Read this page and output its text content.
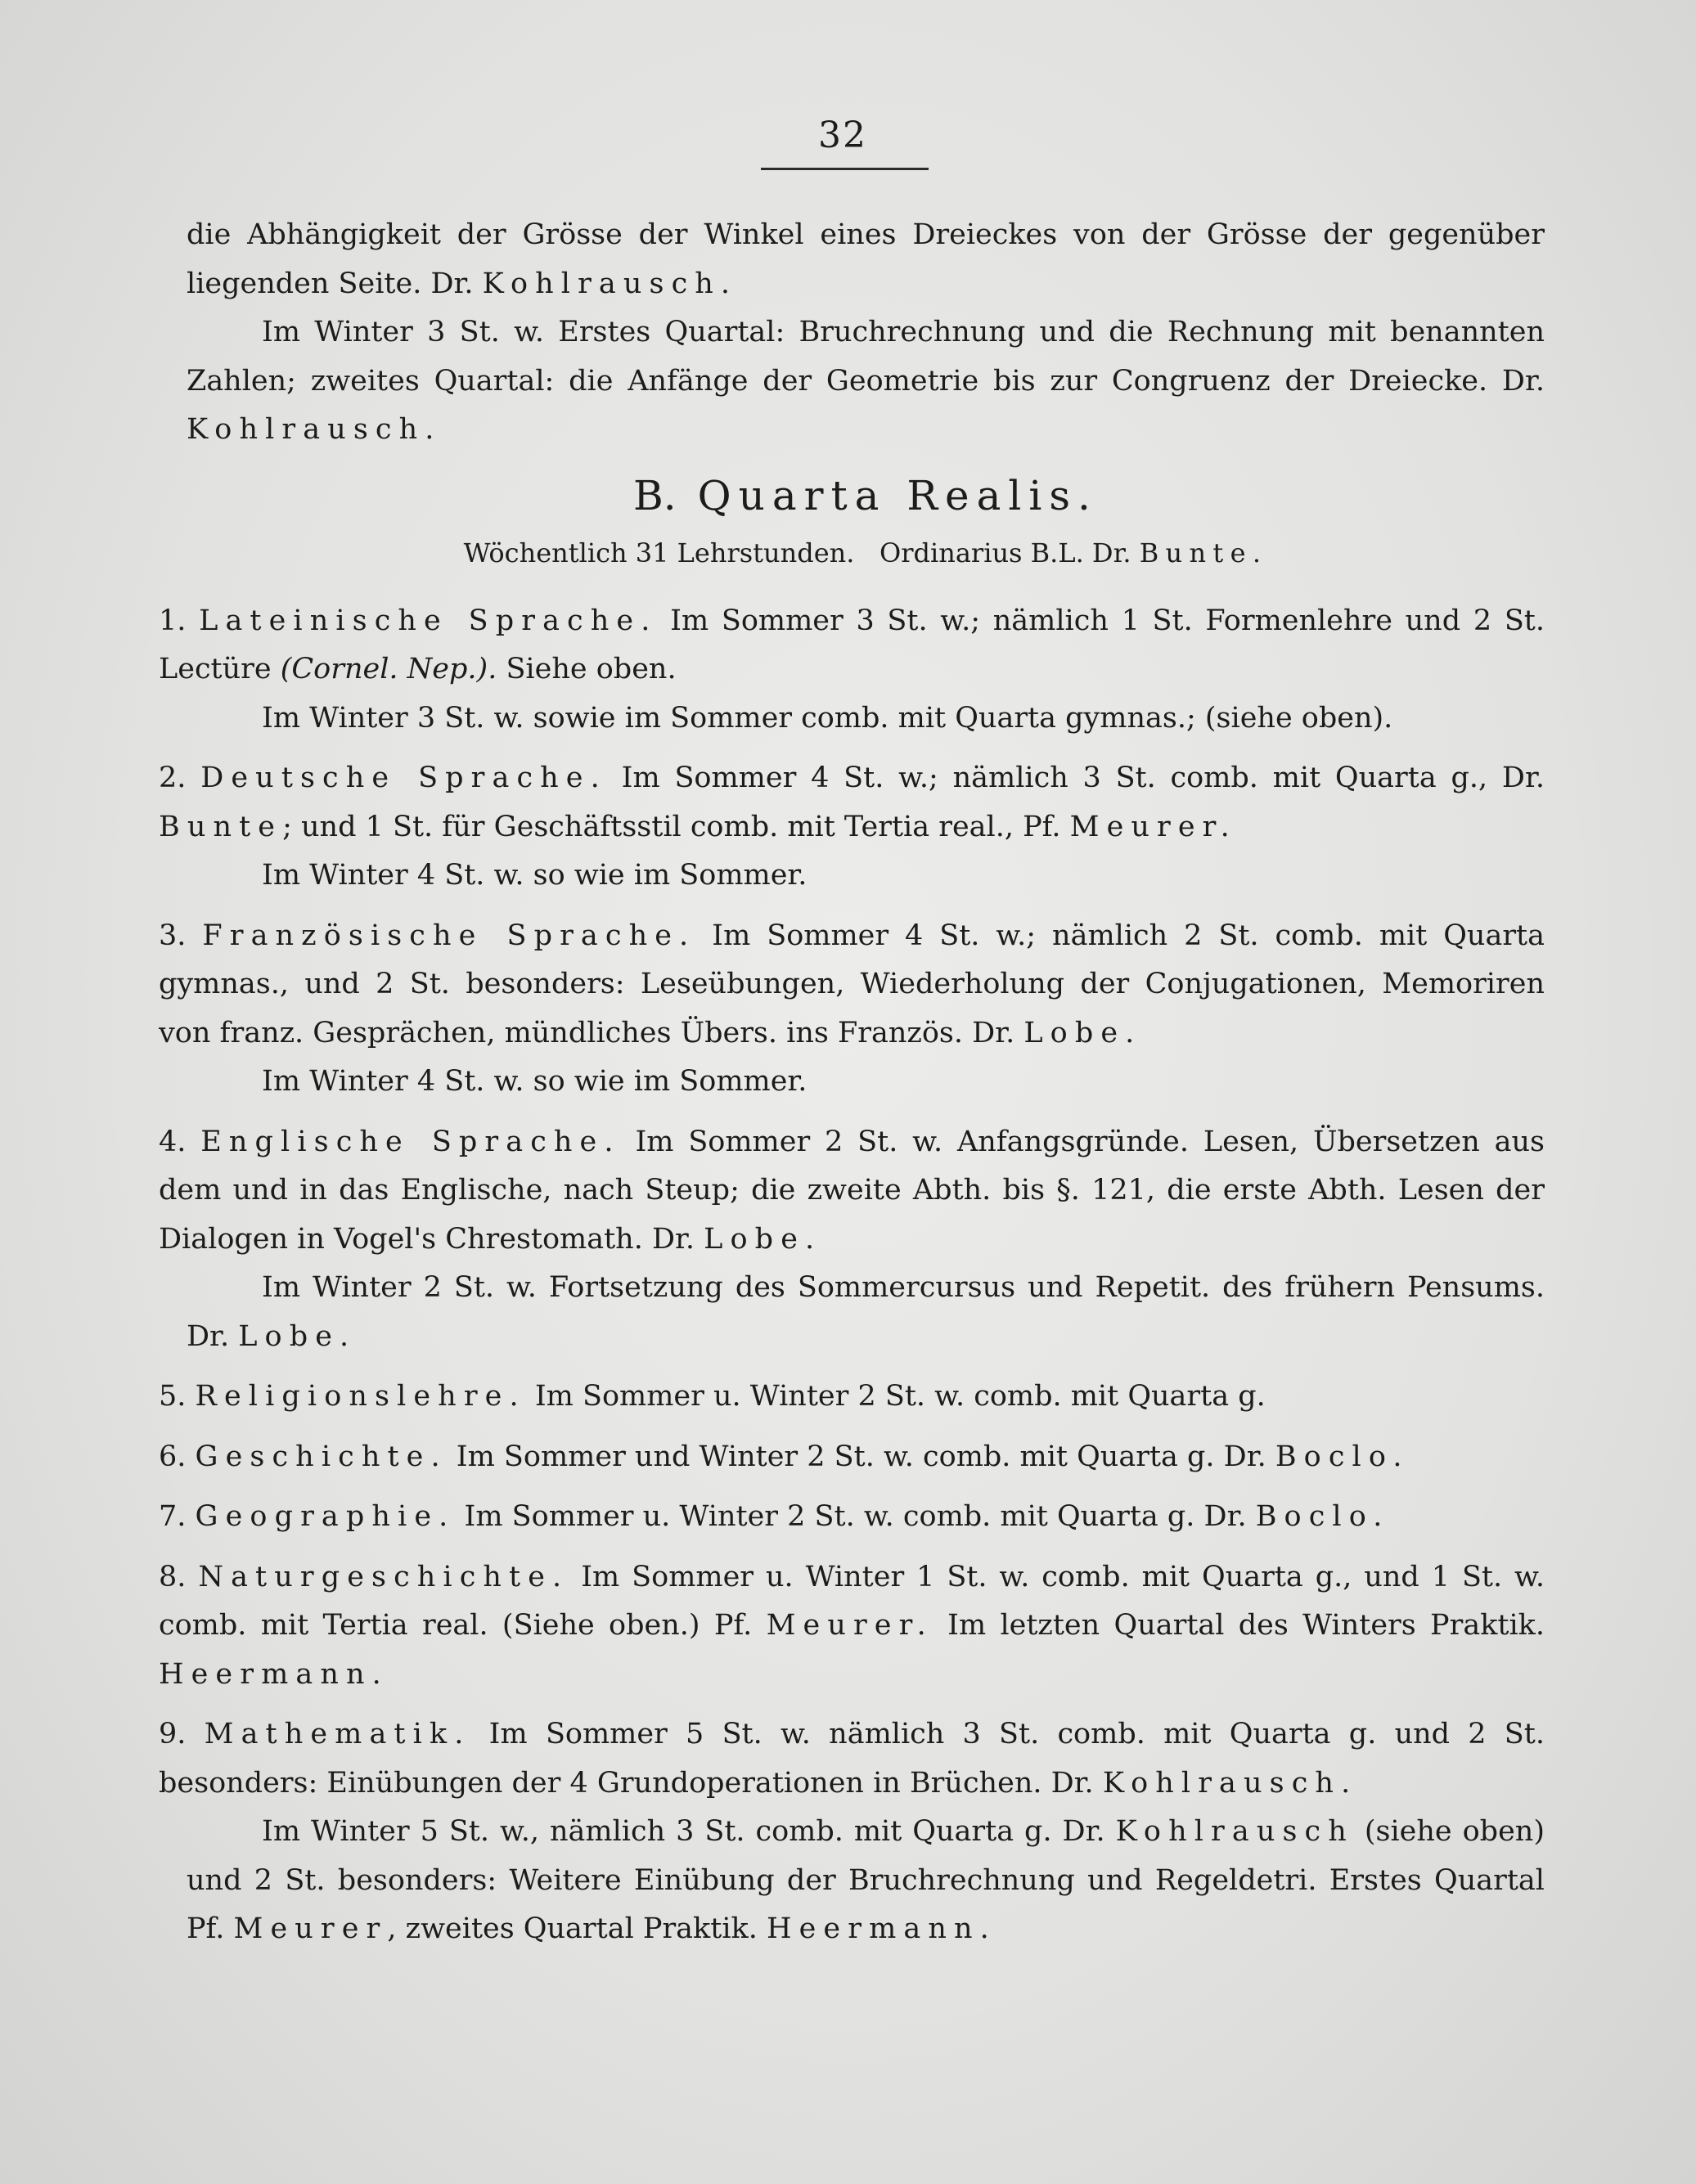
32

die Abhängigkeit der Grösse der Winkel eines Dreieckes von der Grösse der gegenüber liegenden Seite. Dr. Kohlrausch.

Im Winter 3 St. w. Erstes Quartal: Bruchrechnung und die Rechnung mit benannten Zahlen; zweites Quartal: die Anfänge der Geometrie bis zur Congruenz der Dreiecke. Dr. Kohlrausch.

B. Quarta Realis.
Wöchentlich 31 Lehrstunden. Ordinarius B.L. Dr. Bunte.

1. Lateinische Sprache. Im Sommer 3 St. w.; nämlich 1 St. Formenlehre und 2 St. Lectüre (Cornel. Nep.). Siehe oben.

Im Winter 3 St. w. sowie im Sommer comb. mit Quarta gymnas.; (siehe oben).

2. Deutsche Sprache. Im Sommer 4 St. w.; nämlich 3 St. comb. mit Quarta g., Dr. Bunte; und 1 St. für Geschäftsstil comb. mit Tertia real., Pf. Meurer.

Im Winter 4 St. w. so wie im Sommer.

3. Französische Sprache. Im Sommer 4 St. w.; nämlich 2 St. comb. mit Quarta gymnas., und 2 St. besonders: Leseübungen, Wiederholung der Conjugationen, Memoriren von franz. Gesprächen, mündliches Übers. ins Französ. Dr. Lobe.

Im Winter 4 St. w. so wie im Sommer.

4. Englische Sprache. Im Sommer 2 St. w. Anfangsgründe. Lesen, Übersetzen aus dem und in das Englische, nach Steup; die zweite Abth. bis §. 121, die erste Abth. Lesen der Dialogen in Vogel's Chrestomath. Dr. Lobe.

Im Winter 2 St. w. Fortsetzung des Sommercursus und Repetit. des frühern Pensums. Dr. Lobe.

5. Religionslehre. Im Sommer u. Winter 2 St. w. comb. mit Quarta g.

6. Geschichte. Im Sommer und Winter 2 St. w. comb. mit Quarta g. Dr. Boclo.

7. Geographie. Im Sommer u. Winter 2 St. w. comb. mit Quarta g. Dr. Boclo.

8. Naturgeschichte. Im Sommer u. Winter 1 St. w. comb. mit Quarta g., und 1 St. w. comb. mit Tertia real. (Siehe oben.) Pf. Meurer. Im letzten Quartal des Winters Praktik. Heermann.

9. Mathematik. Im Sommer 5 St. w. nämlich 3 St. comb. mit Quarta g. und 2 St. besonders: Einübungen der 4 Grundoperationen in Brüchen. Dr. Kohlrausch.

Im Winter 5 St. w., nämlich 3 St. comb. mit Quarta g. Dr. Kohlrausch (siehe oben) und 2 St. besonders: Weitere Einübung der Bruchrechnung und Regeldetri. Erstes Quartal Pf. Meurer, zweites Quartal Praktik. Heermann.
